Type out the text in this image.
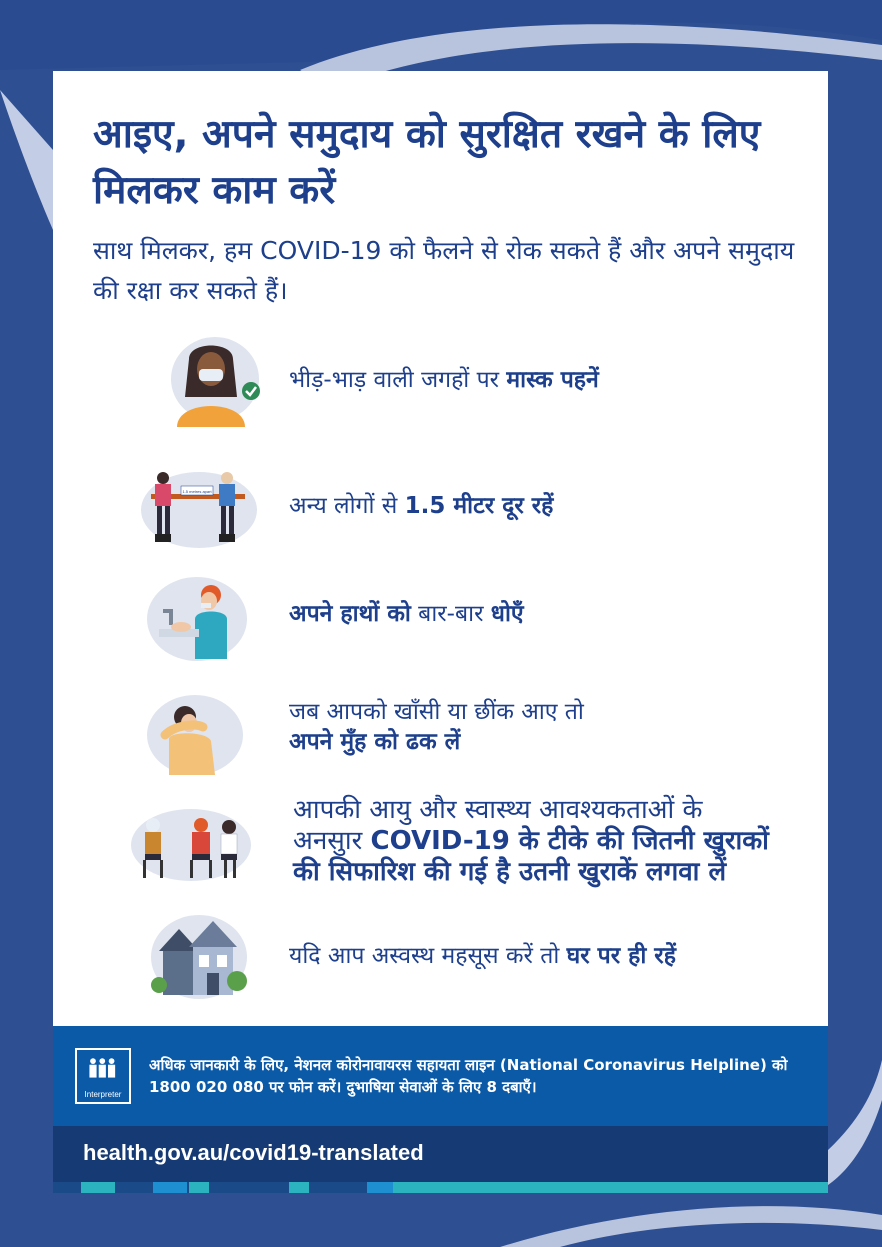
आइए, अपने समुदाय को सुरक्षित रखने के लिए मिलकर काम करें
साथ मिलकर, हम COVID-19 को फैलने से रोक सकते हैं और अपने समुदाय की रक्षा कर सकते हैं।
भीड़-भाड़ वाली जगहों पर मास्क पहनें
1.5 metres apart
अन्य लोगों से 1.5 मीटर दूर रहें
अपने हाथों को बार-बार धोएँ
जब आपको खाँसी या छींक आए तो
अपने मुँह को ढक लें
आपकी आयु और स्वास्थ्य आवश्यकताओं के
अनसुार COVID-19 के टीके की जितनी खुराकों
की सिफारिश की गई है उतनी खुराकें लगवा लें
यदि आप अस्वस्थ महसूस करें तो घर पर ही रहें
Interpreter
अधिक जानकारी के लिए, नेशनल कोरोनावायरस सहायता लाइन (National Coronavirus Helpline) को 1800 020 080 पर फोन करें। दुभाषिया सेवाओं के लिए 8 दबाएँ।
health.gov.au/covid19-translated
